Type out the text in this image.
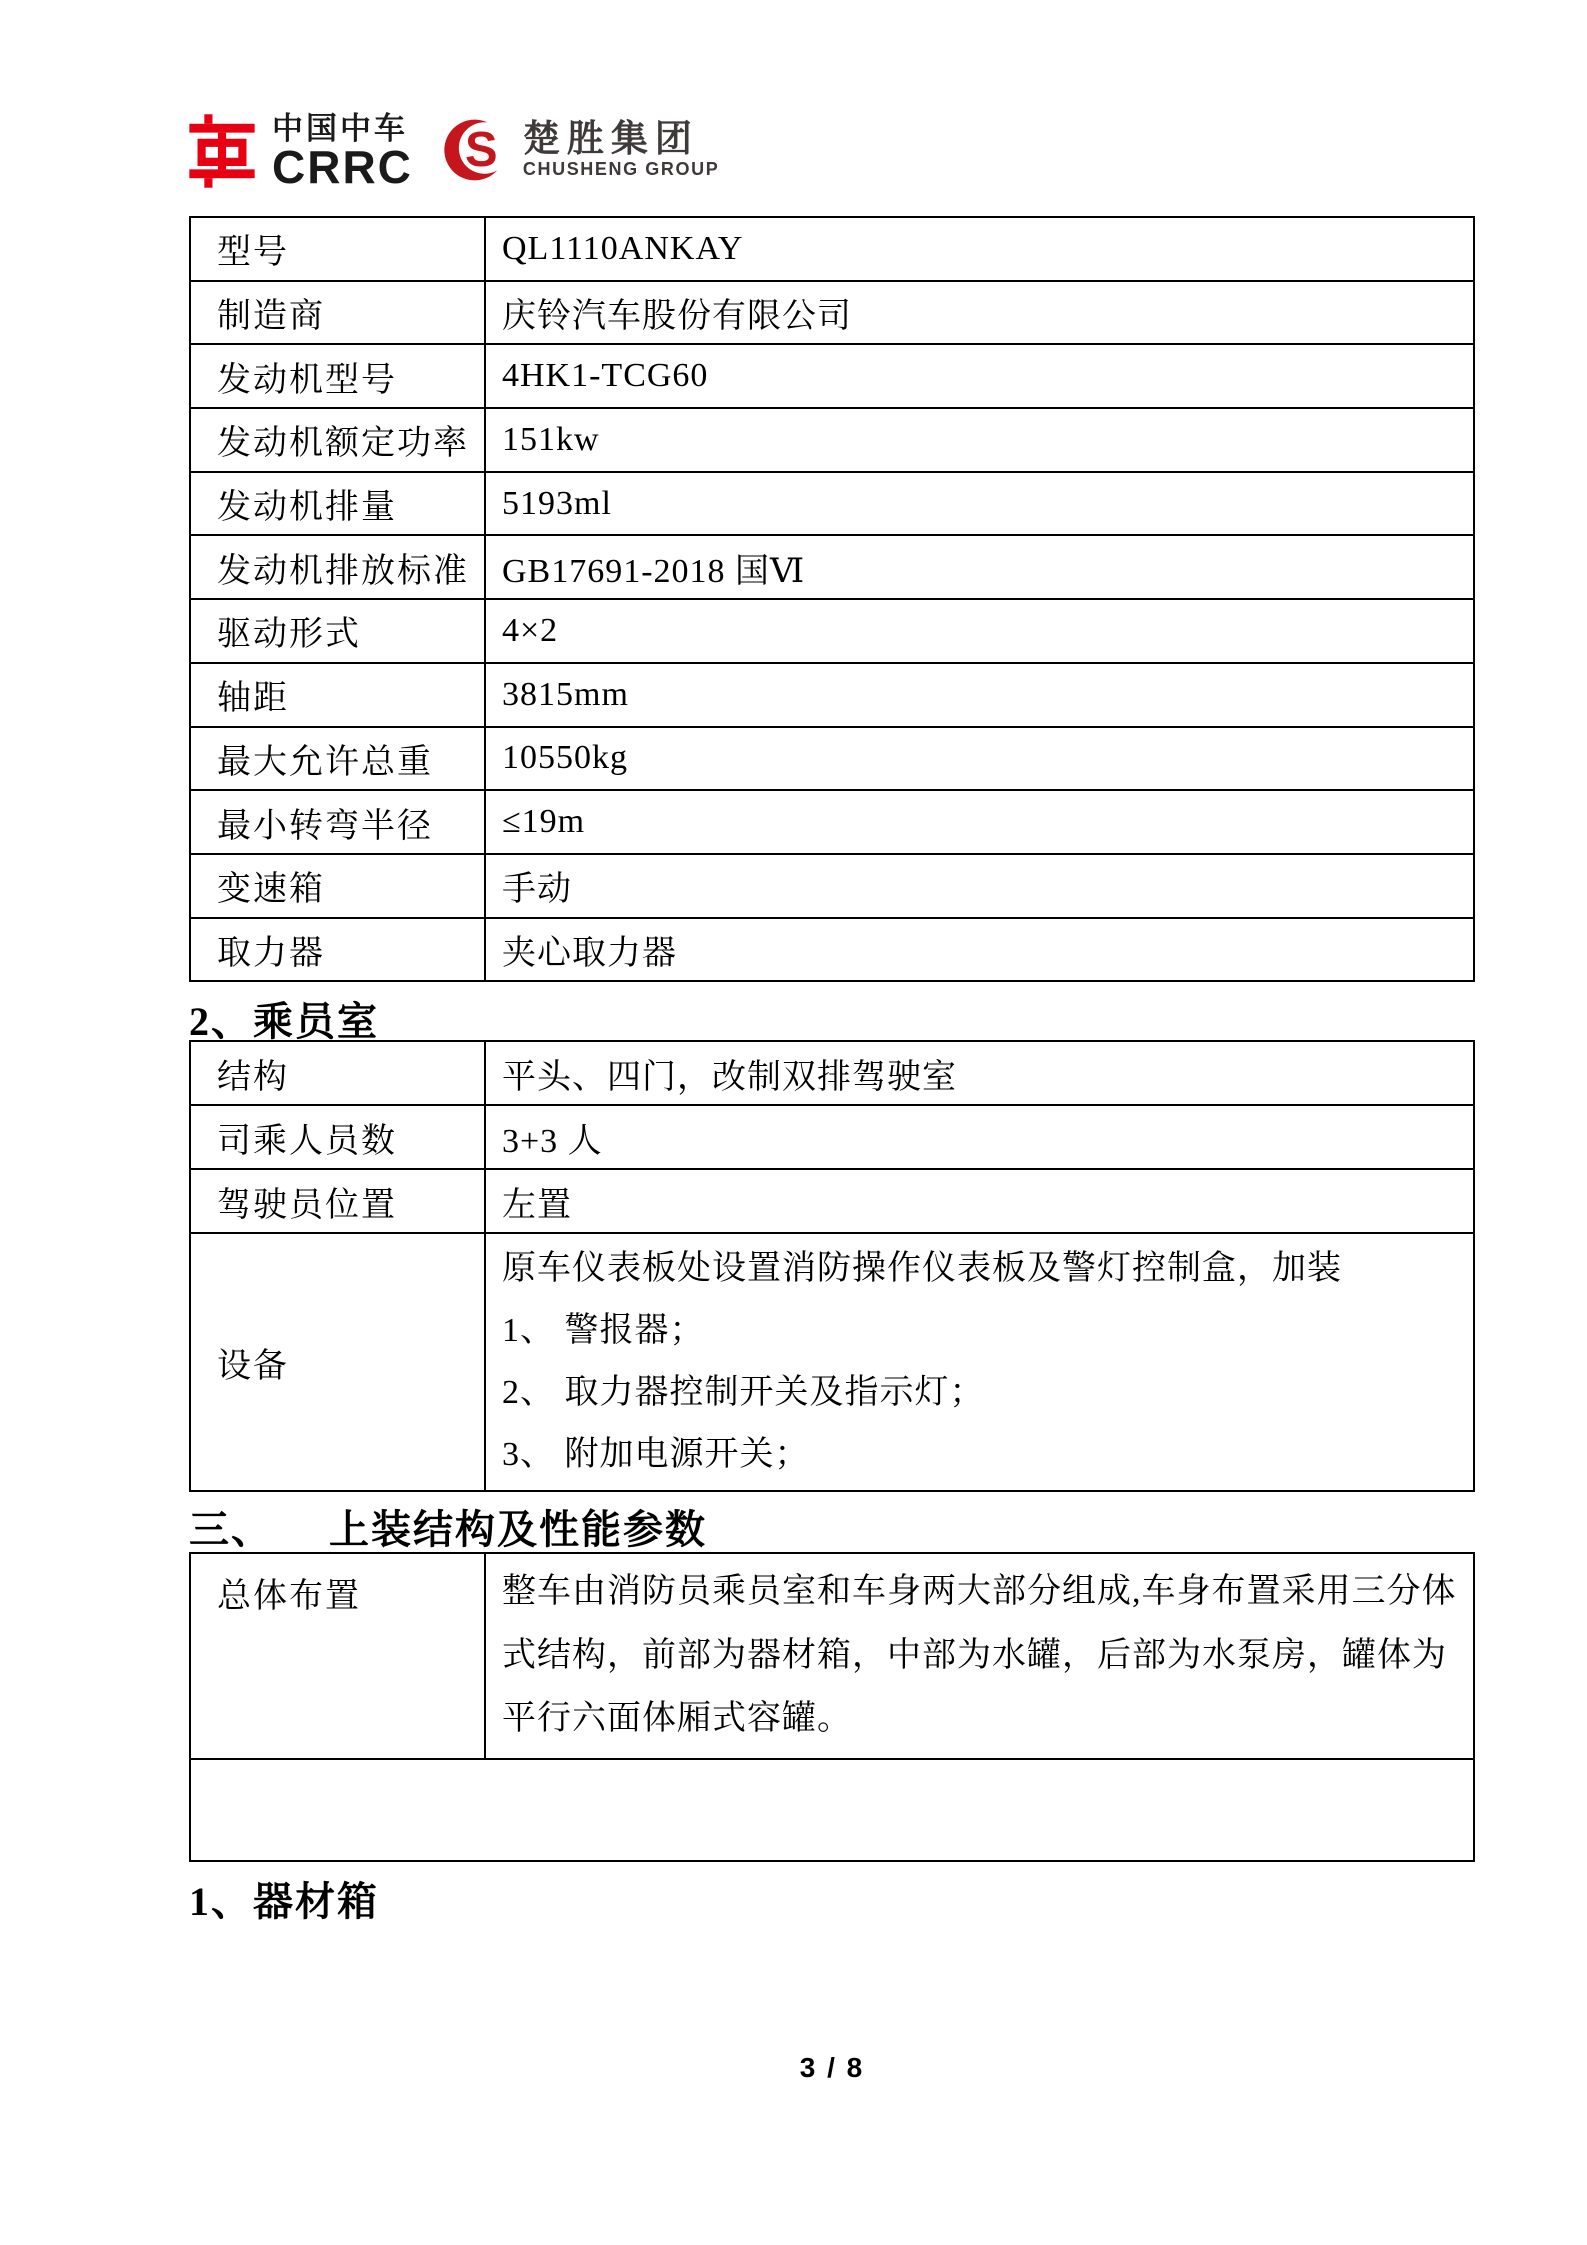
中国中车
CRRC S 楚胜集团
CHUSHENG GROUP
型号	QL1110ANKAY
制造商	庆铃汽车股份有限公司
发动机型号	4HK1-TCG60
发动机额定功率	151kw
发动机排量	5193ml
发动机排放标准	GB17691-2018 国Ⅵ
驱动形式	4×2
轴距	3815mm
最大允许总重	10550kg
最小转弯半径	≤19m
变速箱	手动
取力器	夹心取力器
2、乘员室
结构	平头、四门，改制双排驾驶室
司乘人员数	3+3 人
驾驶员位置	左置
设备	原车仪表板处设置消防操作仪表板及警灯控制盒，加装
1、 警报器；
2、 取力器控制开关及指示灯；
3、 附加电源开关；
三、 上装结构及性能参数
总体布置	整车由消防员乘员室和车身两大部分组成,车身布置采用三分体式结构，前部为器材箱，中部为水罐，后部为水泵房，罐体为平行六面体厢式容罐。

1、器材箱
3 / 8
